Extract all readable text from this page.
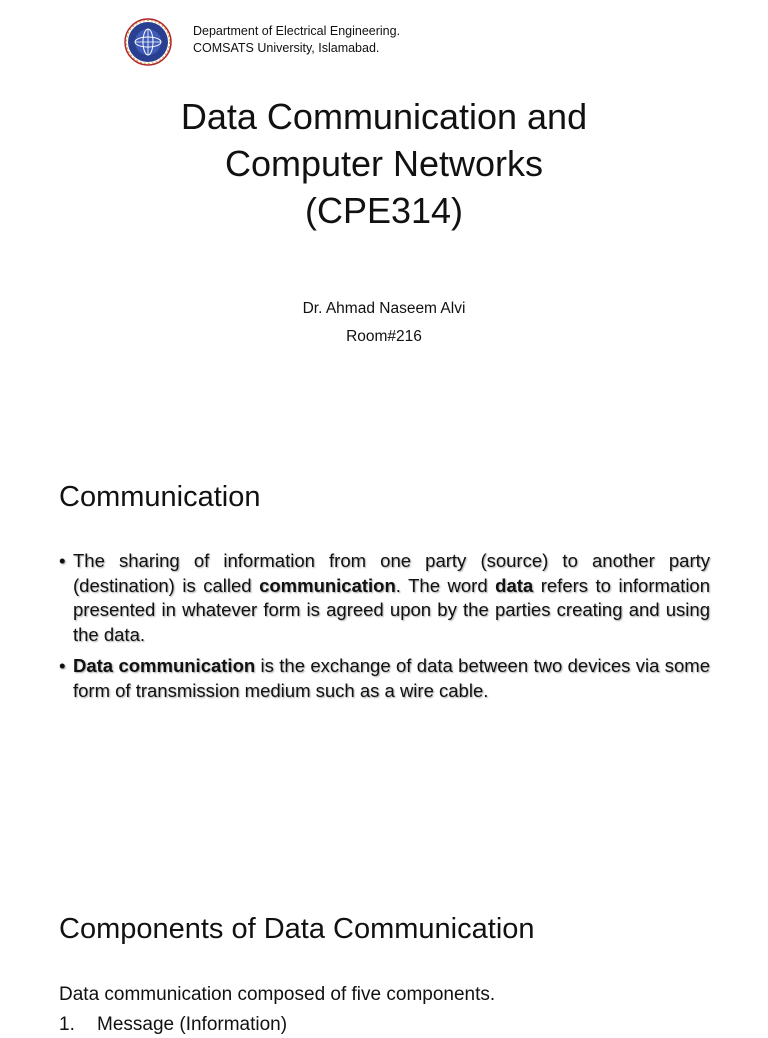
Department of Electrical Engineering.
COMSATS University, Islamabad.
Data Communication and
Computer Networks
(CPE314)
Dr. Ahmad Naseem Alvi
Room#216
Communication
• The sharing of information from one party (source) to another party (destination) is called communication. The word data refers to information presented in whatever form is agreed upon by the parties creating and using the data.
• Data communication is the exchange of data between two devices via some form of transmission medium such as a wire cable.
Components of Data Communication
Data communication composed of five components.
1. Message (Information)
